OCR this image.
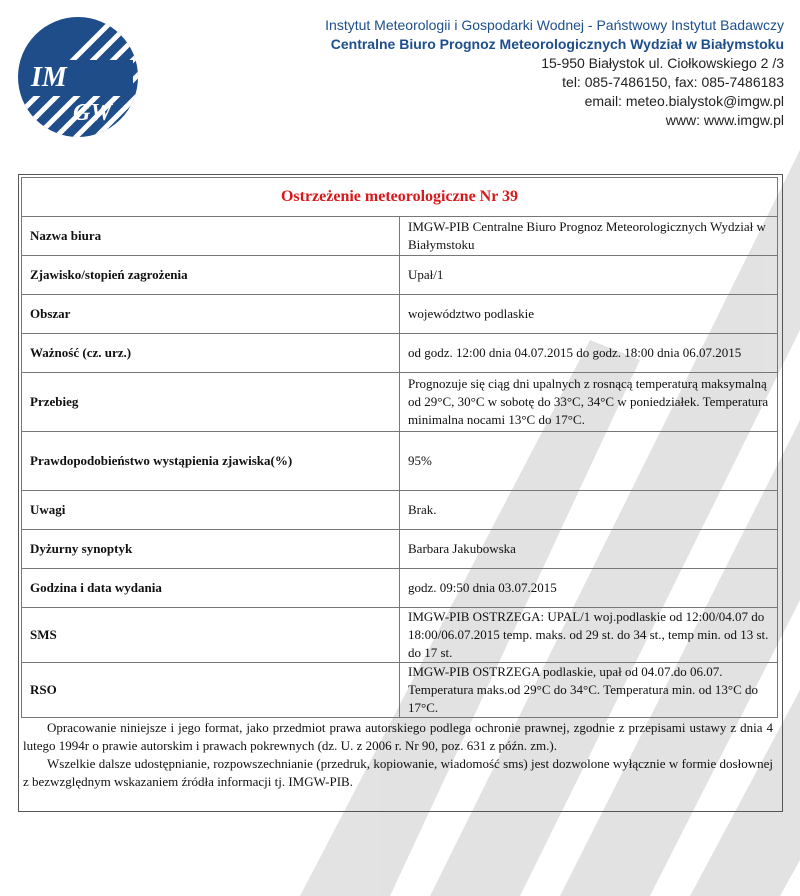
IM
GW
Instytut Meteorologii i Gospodarki Wodnej - Państwowy Instytut Badawczy
Centralne Biuro Prognoz Meteorologicznych Wydział w Białymstoku
15-950 Białystok ul. Ciołkowskiego 2 /3
tel: 085-7486150, fax: 085-7486183
email: meteo.bialystok@imgw.pl
www: www.imgw.pl
Ostrzeżenie meteorologiczne Nr 39	
Nazwa biura	IMGW-PIB Centralne Biuro Prognoz Meteorologicznych Wydział w Białymstoku
Zjawisko/stopień zagrożenia	Upał/1
Obszar	województwo podlaskie
Ważność (cz. urz.)	od godz. 12:00 dnia 04.07.2015 do godz. 18:00 dnia 06.07.2015
Przebieg	Prognozuje się ciąg dni upalnych z rosnącą temperaturą maksymalną od 29°C, 30°C w sobotę do 33°C, 34°C w poniedziałek. Temperatura minimalna nocami 13°C do 17°C.
Prawdopodobieństwo wystąpienia zjawiska(%)	95%
Uwagi	Brak.
Dyżurny synoptyk	Barbara Jakubowska
Godzina i data wydania	godz. 09:50 dnia 03.07.2015
SMS	IMGW-PIB OSTRZEGA: UPAL/1 woj.podlaskie od 12:00/04.07 do 18:00/06.07.2015 temp. maks. od 29 st. do 34 st., temp min. od 13 st. do 17 st.
RSO	IMGW-PIB OSTRZEGA podlaskie, upał od 04.07.do 06.07. Temperatura maks.od 29°C do 34°C. Temperatura min. od 13°C do 17°C.

Opracowanie niniejsze i jego format, jako przedmiot prawa autorskiego podlega ochronie prawnej, zgodnie z przepisami ustawy z dnia 4 lutego 1994r o prawie autorskim i prawach pokrewnych (dz. U. z 2006 r. Nr 90, poz. 631 z późn. zm.).

Wszelkie dalsze udostępnianie, rozpowszechnianie (przedruk, kopiowanie, wiadomość sms) jest dozwolone wyłącznie w formie dosłownej z bezwzględnym wskazaniem źródła informacji tj. IMGW-PIB.
